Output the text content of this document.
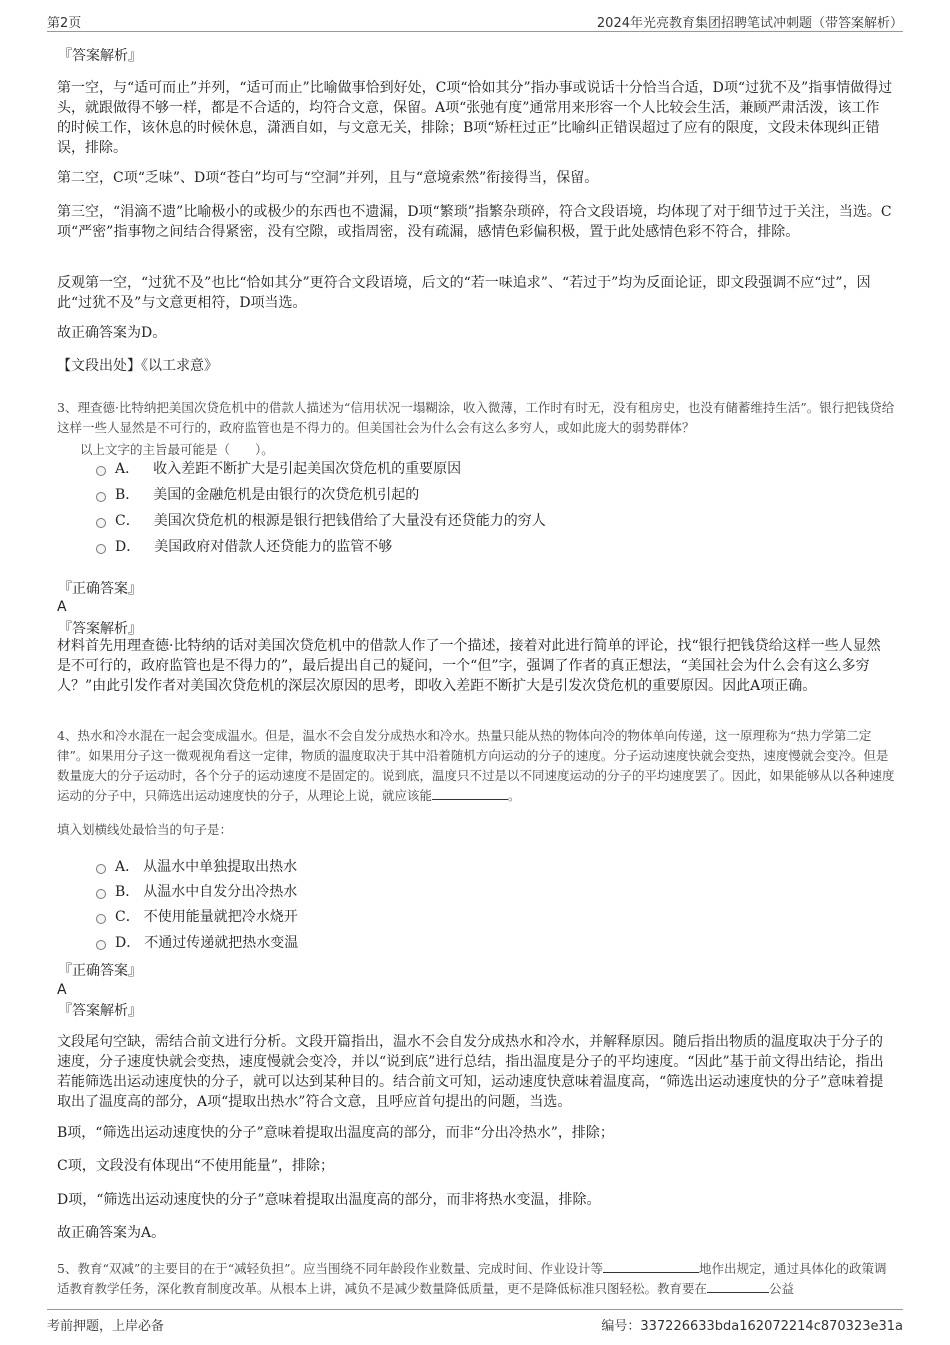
第2页	2024年光亮教育集团招聘笔试冲刺题（带答案解析）
『答案解析』
第一空，与“适可而止”并列，“适可而止”比喻做事恰到好处，C项“恰如其分”指办事或说话十分恰当合适，D项“过犹不及”指事情做得过头，就跟做得不够一样，都是不合适的，均符合文意，保留。A项“张弛有度”通常用来形容一个人比较会生活，兼顾严肃活泼，该工作的时候工作，该休息的时候休息，潇洒自如，与文意无关，排除；B项“矫枉过正”比喻纠正错误超过了应有的限度，文段未体现纠正错误，排除。
第二空，C项“乏味”、D项“苍白”均可与“空洞”并列，且与“意境索然”衔接得当，保留。
第三空，“涓滴不遗”比喻极小的或极少的东西也不遗漏，D项“繁琐”指繁杂琐碎，符合文段语境，均体现了对于细节过于关注，当选。C项“严密”指事物之间结合得紧密，没有空隙，或指周密，没有疏漏，感情色彩偏积极，置于此处感情色彩不符合，排除。
反观第一空，“过犹不及”也比“恰如其分”更符合文段语境，后文的“若一味追求”、“若过于”均为反面论证，即文段强调不应“过”，因此“过犹不及”与文意更相符，D项当选。
故正确答案为D。
【文段出处】《以工求意》
3、理查德·比特纳把美国次贷危机中的借款人描述为“信用状况一塌糊涂，收入微薄，工作时有时无，没有租房史，也没有储蓄维持生活”。银行把钱贷给这样一些人显然是不可行的，政府监管也是不得力的。但美国社会为什么会有这么多穷人，或如此庞大的弱势群体？
以上文字的主旨最可能是（　　）。
A． 收入差距不断扩大是引起美国次贷危机的重要原因
B． 美国的金融危机是由银行的次贷危机引起的
C． 美国次贷危机的根源是银行把钱借给了大量没有还贷能力的穷人
D． 美国政府对借款人还贷能力的监管不够
『正确答案』
A
『答案解析』
材料首先用理查德·比特纳的话对美国次贷危机中的借款人作了一个描述，接着对此进行简单的评论，找“银行把钱贷给这样一些人显然是不可行的，政府监管也是不得力的”，最后提出自己的疑问，一个“但”字，强调了作者的真正想法，“美国社会为什么会有这么多穷人？”由此引发作者对美国次贷危机的深层次原因的思考，即收入差距不断扩大是引发次贷危机的重要原因。因此A项正确。
4、热水和冷水混在一起会变成温水。但是，温水不会自发分成热水和冷水。热量只能从热的物体向冷的物体单向传递，这一原理称为“热力学第二定律”。如果用分子这一微观视角看这一定律，物质的温度取决于其中沿着随机方向运动的分子的速度。分子运动速度快就会变热，速度慢就会变冷。但是数量庞大的分子运动时，各个分子的运动速度不是固定的。说到底，温度只不过是以不同速度运动的分子的平均速度罢了。因此，如果能够从以各种速度运动的分子中，只筛选出运动速度快的分子，从理论上说，就应该能	。
填入划横线处最恰当的句子是：
A． 从温水中单独提取出热水
B． 从温水中自发分出冷热水
C． 不使用能量就把冷水烧开
D． 不通过传递就把热水变温
『正确答案』
A
『答案解析』
文段尾句空缺，需结合前文进行分析。文段开篇指出，温水不会自发分成热水和冷水，并解释原因。随后指出物质的温度取决于分子的速度，分子速度快就会变热，速度慢就会变冷，并以“说到底”进行总结，指出温度是分子的平均速度。“因此”基于前文得出结论，指出若能筛选出运动速度快的分子，就可以达到某种目的。结合前文可知，运动速度快意味着温度高，“筛选出运动速度快的分子”意味着提取出了温度高的部分，A项“提取出热水”符合文意，且呼应首句提出的问题，当选。
B项，“筛选出运动速度快的分子”意味着提取出温度高的部分，而非“分出冷热水”，排除；
C项，文段没有体现出“不使用能量”，排除；
D项，“筛选出运动速度快的分子”意味着提取出温度高的部分，而非将热水变温，排除。
故正确答案为A。
5、教育“双减”的主要目的在于“减轻负担”。应当围绕不同年龄段作业数量、完成时间、作业设计等	地作出规定，通过具体化的政策调适教育教学任务，深化教育制度改革。从根本上讲，减负不是减少数量降低质量，更不是降低标准只图轻松。教育要在	公益
考前押题，上岸必备	编号：337226633bda162072214c870323e31a
